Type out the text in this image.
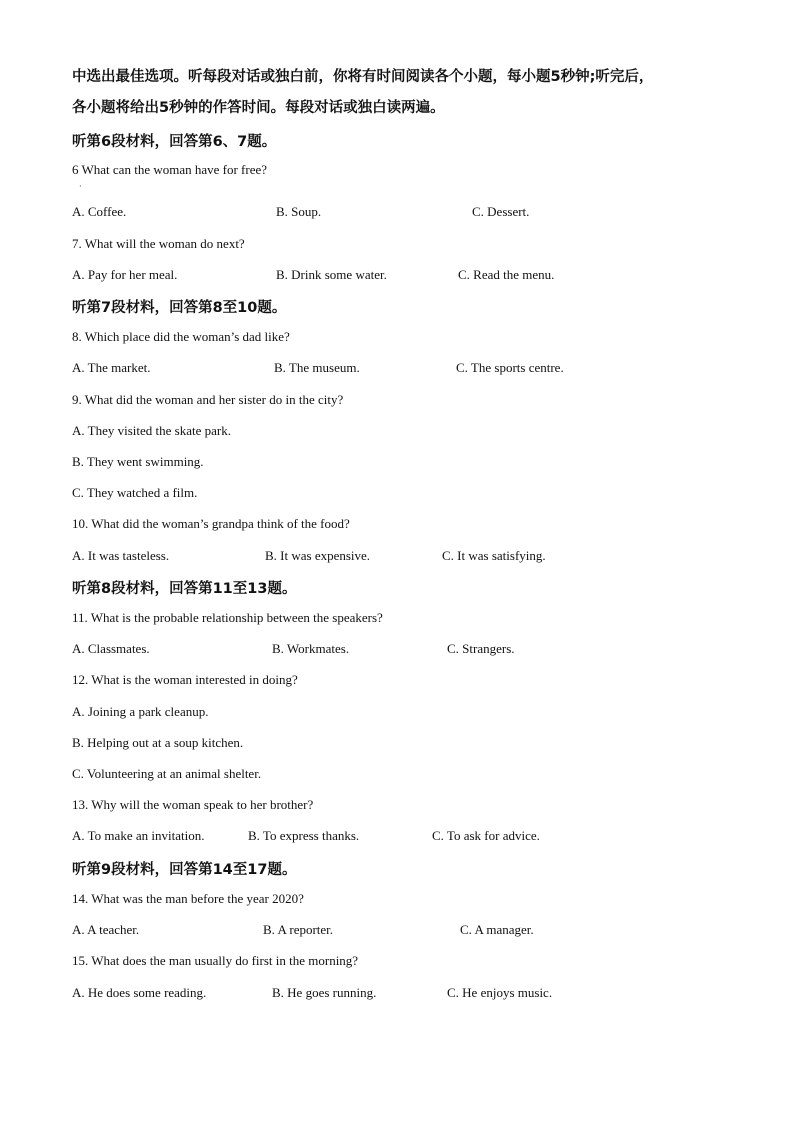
中选出最佳选项。听每段对话或独白前，你将有时间阅读各个小题，每小题5秒钟;听完后，
各小题将给出5秒钟的作答时间。每段对话或独白读两遍。
听第6段材料，回答第6、7题。
6 What can the woman have for free?
·
A. Coffee.	B. Soup.	C. Dessert.
7. What will the woman do next?
A. Pay for her meal.	B. Drink some water.	C. Read the menu.
听第7段材料，回答第8至10题。
8. Which place did the woman’s dad like?
A. The market.	B. The museum.	C. The sports centre.
9. What did the woman and her sister do in the city?
A. They visited the skate park.
B. They went swimming.
C. They watched a film.
10. What did the woman’s grandpa think of the food?
A. It was tasteless.	B. It was expensive.	C. It was satisfying.
听第8段材料，回答第11至13题。
11. What is the probable relationship between the speakers?
A. Classmates.	B. Workmates.	C. Strangers.
12. What is the woman interested in doing?
A. Joining a park cleanup.
B. Helping out at a soup kitchen.
C. Volunteering at an animal shelter.
13. Why will the woman speak to her brother?
A. To make an invitation.	B. To express thanks.	C. To ask for advice.
听第9段材料，回答第14至17题。
14. What was the man before the year 2020?
A. A teacher.	B. A reporter.	C. A manager.
15. What does the man usually do first in the morning?
A. He does some reading.	B. He goes running.	C. He enjoys music.
